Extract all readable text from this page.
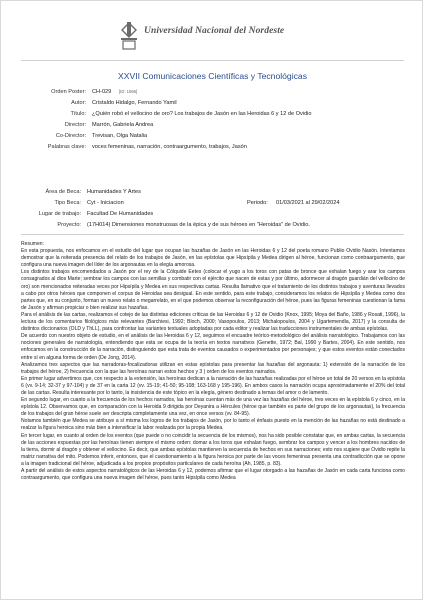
Universidad Nacional del Nordeste
XXVII Comunicaciones Científicas y Tecnológicas
Orden Poster: CH-029 [ID: 1566]
Autor: Cristaldo Hidalgo, Fernando Yamil
Título: ¿Quién robó el vellocino de oro? Los trabajos de Jasón en las Heroidas 6 y 12 de Ovidio
Director: Marrón, Gabriela Andrea
Co-Director: Trevisan, Olga Natalia
Palabras clave: voces femeninas, narración, contraargumento, trabajos, Jasón
Área de Beca: Humanidades Y Artes
Tipo Beca: Cyt - Iniciacion	Periodo: 01/03/2021 al 29/02/2024
Lugar de trabajo: Facultad De Humanidades
Proyecto: (17H014) Dimensiones monstruosas de la épica y de sus héroes en "Heroidas" de Ovidio.

Resumen:

En esta propuesta, nos enfocamos en el estudio del lugar que ocupan las hazañas de Jasón en las Heroidas 6 y 12 del poeta romano Publio Ovidio Nasón. Intentamos demostrar que la reiterada presencia del relato de los trabajos de Jasón, en las epístolas que Hipsípila y Medea dirigen al héroe, funcionan como contraargumento, que configura una nueva imagen del líder de los argonautas en la elegía amorosa.

Los distintos trabajos encomendados a Jasón por el rey de la Cólquide Eetes (colocar el yugo a los toros con patas de bronce que exhalan fuego y arar los campos consagrados al dios Marte; sembrar los campos con las semillas y combatir con el ejército que nacen de estas y por último, adormecer al dragón guardián del vellocino de oro) son mencionados reiteradas veces por Hipsípila y Medea en sus respectivas cartas. Resulta llamativo que el tratamiento de los distintos trabajos y aventuras llevados a cabo por otros héroes que componen el corpus de Heroidas sea desigual. En este sentido, para este trabajo, consideramos los relatos de Hipsípila y Medea como dos partes que, en su conjunto, forman un nuevo relato o megarrelato, en el que podemos observar la reconfiguración del héroe, pues las figuras femeninas cuestionan la fama de Jasón y afirman propiciar o bien realizar sus hazañas.

Para el análisis de las cartas, realizamos el cotejo de las distintas ediciones críticas de las Heroidas 6 y 12 de Ovidio (Knox, 1995; Moya del Baño, 1986 y Rosati, 1996), la lectura de los comentarios filológicos más relevantes (Barchiesi, 1992; Bloch, 2000; Vasopoulos, 2013; Michalopoulos, 2004 y Ugartemendía, 2017) y la consulta de distintos diccionarios (OLD y ThLL), para confrontar las variantes textuales adoptadas por cada editor y realizar las traducciones instrumentales de ambas epístolas.

De acuerdo con nuestro objeto de estudio, en el análisis de las Heroidas 6 y 12, seguimos el encuadre teórico-metodológico del análisis narratológico. Trabajamos con las nociones generales de narratología, entendiendo que esta se ocupa de la teoría en textos narrativos (Genette, 1972; Bal, 1990 y Bartes, 2004). En este sentido, nos enfocamos en la construcción de la narración, distinguiendo que esta trata de eventos causados o experimentados por personajes; y que estos eventos están conectados entre sí en alguna forma de orden (De Jong, 2014).

Analizamos tres aspectos que las narradoras-focalizadoras utilizan en estas epístolas para presentar las hazañas del argonauta: 1) extensión de la narración de los trabajos del héroe, 2) frecuencia con la que las heroínas narran estos hechos y 3 ) orden de los eventos narrados.

En primer lugar advertimos que, con respecto a la extensión, las heroínas dedican a la narración de las hazañas realizadas por el héroe un total de 20 versos en la epístola 6 (vv. 9-14; 32-37 y 97-104) y de 37 en la carta 12 (vv. 15-19; 41-50; 95-108; 163-168 y 195-196). En ambos casos la narración ocupa aproximadamente el 20% del total de las cartas. Resulta interesante por lo tanto, la insistencia de este tópico en la elegía, género destinado a temas del amor o de lamento.

En segundo lugar, en cuanto a la frecuencia de los hechos narrados, las heroínas cuentan más de una vez las hazañas del héroe, tres veces en la epístola 6 y cinco, en la epístola 12. Observamos que, en comparación con la Heroida 9 dirigida por Deyanira a Hércules (héroe que también es parte del grupo de los argonautas), la frecuencia de los trabajos del gran héroe suele ser descripta completamente una vez, en once versos (vv. 84-95).

Notamos también que Medea se atribuye a sí misma los logros de los trabajos de Jasón, por lo tanto el énfasis puesto en la mención de las hazañas no está destinado a realzar la figura heroica sino más bien a intensificar la labor realizada por la propia Medea.

En tercer lugar, en cuanto al orden de los eventos (que puede o no coincidir la secuencia de los mismos), nos ha sido posible constatar que, en ambas cartas, la secuencia de las acciones expuestas por las heroínas tienen siempre el mismo orden: domar a los toros que exhalan fuego, sembrar los campos y vencer a los hombres nacidos de la tierra, dormir al dragón y obtener el vellocino. Es decir, que ambas epístolas mantienen la secuencia de hechos en sus narraciones; esto nos sugiere que Ovidio repite la matriz narrativa del mito. Podemos inferir, entonces, que el cuestionamiento a la figura heroica por parte de las voces femeninas presenta una contradicción que se opone a la imagen tradicional del héroe, adjudicada a los propios propósitos particulares de cada heroína (Ah, 1985, p. 83).

A partir del análisis de estos aspectos narratológicos de las Heroidas 6 y 12, podemos afirmar que el lugar otorgado a las hazañas de Jasón en cada carta funciona como contraargumento, que configura una nueva imagen del héroe, pues tanto Hipsípila como Medea
